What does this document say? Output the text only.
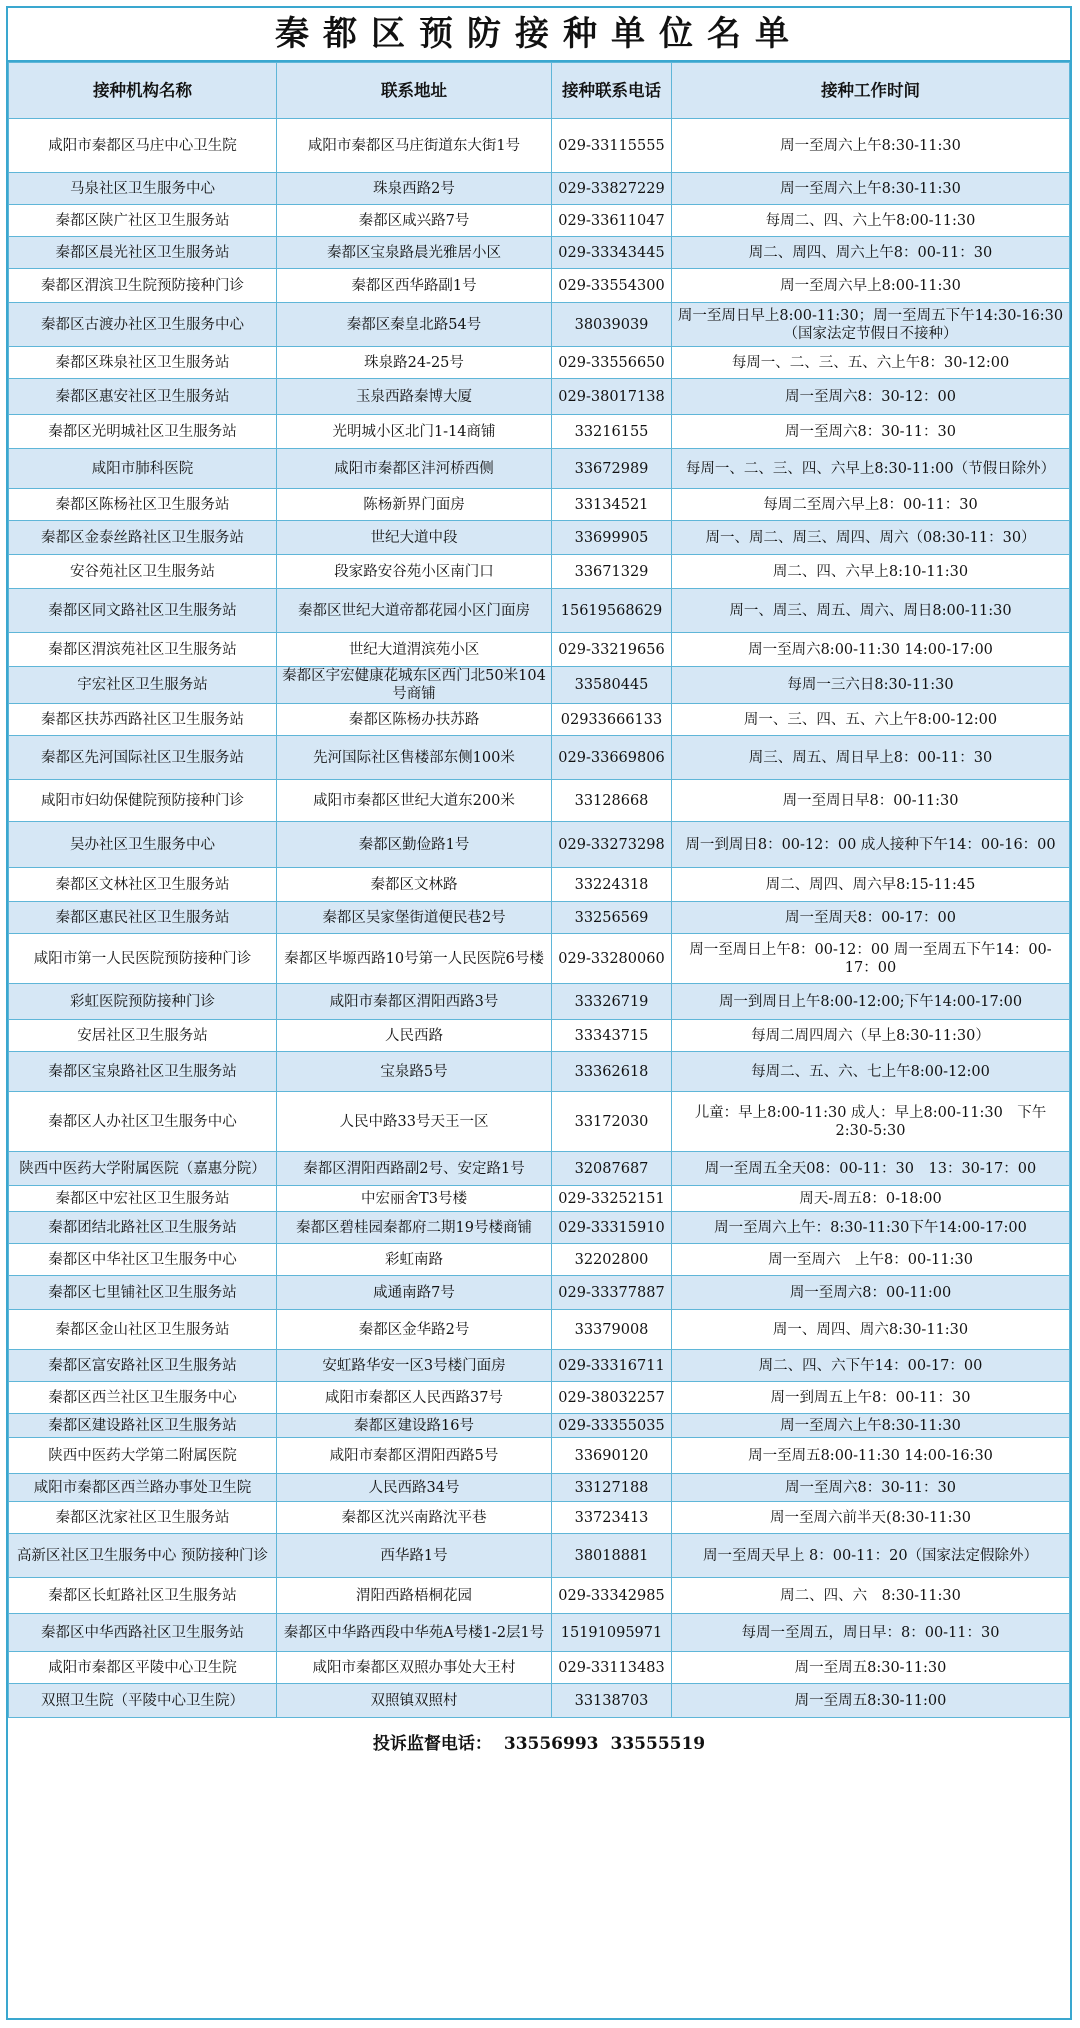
秦都区预防接种单位名单
接种机构名称	联系地址	接种联系电话	接种工作时间
咸阳市秦都区马庄中心卫生院	咸阳市秦都区马庄街道东大街1号	029-33115555	周一至周六上午8:30-11:30
马泉社区卫生服务中心	珠泉西路2号	029-33827229	周一至周六上午8:30-11:30
秦都区陕广社区卫生服务站	秦都区咸兴路7号	029-33611047	每周二、四、六上午8:00-11:30
秦都区晨光社区卫生服务站	秦都区宝泉路晨光雅居小区	029-33343445	周二、周四、周六上午8：00-11：30
秦都区渭滨卫生院预防接种门诊	秦都区西华路副1号	029-33554300	周一至周六早上8:00-11:30
秦都区古渡办社区卫生服务中心	秦都区秦皇北路54号	38039039	周一至周日早上8:00-11:30；周一至周五下午14:30-16:30（国家法定节假日不接种）
秦都区珠泉社区卫生服务站	珠泉路24-25号	029-33556650	每周一、二、三、五、六上午8：30-12:00
秦都区惠安社区卫生服务站	玉泉西路秦博大厦	029-38017138	周一至周六8：30-12：00
秦都区光明城社区卫生服务站	光明城小区北门1-14商铺	33216155	周一至周六8：30-11：30
咸阳市肺科医院	咸阳市秦都区沣河桥西侧	33672989	每周一、二、三、四、六早上8:30-11:00（节假日除外）
秦都区陈杨社区卫生服务站	陈杨新界门面房	33134521	每周二至周六早上8：00-11：30
秦都区金泰丝路社区卫生服务站	世纪大道中段	33699905	周一、周二、周三、周四、周六（08:30-11：30）
安谷苑社区卫生服务站	段家路安谷苑小区南门口	33671329	周二、四、六早上8:10-11:30
秦都区同文路社区卫生服务站	秦都区世纪大道帝都花园小区门面房	15619568629	周一、周三、周五、周六、周日8:00-11:30
秦都区渭滨苑社区卫生服务站	世纪大道渭滨苑小区	029-33219656	周一至周六8:00-11:30 14:00-17:00
宇宏社区卫生服务站	秦都区宇宏健康花城东区西门北50米104号商铺	33580445	每周一三六日8:30-11:30
秦都区扶苏西路社区卫生服务站	秦都区陈杨办扶苏路	02933666133	周一、三、四、五、六上午8:00-12:00
秦都区先河国际社区卫生服务站	先河国际社区售楼部东侧100米	029-33669806	周三、周五、周日早上8：00-11：30
咸阳市妇幼保健院预防接种门诊	咸阳市秦都区世纪大道东200米	33128668	周一至周日早8：00-11:30
吴办社区卫生服务中心	秦都区勤俭路1号	029-33273298	周一到周日8：00-12：00 成人接种下午14：00-16：00
秦都区文林社区卫生服务站	秦都区文林路	33224318	周二、周四、周六早8:15-11:45
秦都区惠民社区卫生服务站	秦都区吴家堡街道便民巷2号	33256569	周一至周天8：00-17：00
咸阳市第一人民医院预防接种门诊	秦都区毕塬西路10号第一人民医院6号楼	029-33280060	周一至周日上午8：00-12：00 周一至周五下午14：00-17：00
彩虹医院预防接种门诊	咸阳市秦都区渭阳西路3号	33326719	周一到周日上午8:00-12:00;下午14:00-17:00
安居社区卫生服务站	人民西路	33343715	每周二周四周六（早上8:30-11:30）
秦都区宝泉路社区卫生服务站	宝泉路5号	33362618	每周二、五、六、七上午8:00-12:00
秦都区人办社区卫生服务中心	人民中路33号天王一区	33172030	儿童：早上8:00-11:30 成人：早上8:00-11:30　下午2:30-5:30
陕西中医药大学附属医院（嘉惠分院）	秦都区渭阳西路副2号、安定路1号	32087687	周一至周五全天08：00-11：30　13：30-17：00
秦都区中宏社区卫生服务站	中宏丽舍T3号楼	029-33252151	周天-周五8：0-18:00
秦都团结北路社区卫生服务站	秦都区碧桂园秦都府二期19号楼商铺	029-33315910	周一至周六上午：8:30-11:30下午14:00-17:00
秦都区中华社区卫生服务中心	彩虹南路	32202800	周一至周六　上午8：00-11:30
秦都区七里铺社区卫生服务站	咸通南路7号	029-33377887	周一至周六8：00-11:00
秦都区金山社区卫生服务站	秦都区金华路2号	33379008	周一、周四、周六8:30-11:30
秦都区富安路社区卫生服务站	安虹路华安一区3号楼门面房	029-33316711	周二、四、六下午14：00-17：00
秦都区西兰社区卫生服务中心	咸阳市秦都区人民西路37号	029-38032257	周一到周五上午8：00-11：30
秦都区建设路社区卫生服务站	秦都区建设路16号	029-33355035	周一至周六上午8:30-11:30
陕西中医药大学第二附属医院	咸阳市秦都区渭阳西路5号	33690120	周一至周五8:00-11:30 14:00-16:30
咸阳市秦都区西兰路办事处卫生院	人民西路34号	33127188	周一至周六8：30-11：30
秦都区沈家社区卫生服务站	秦都区沈兴南路沈平巷	33723413	周一至周六前半天(8:30-11:30
高新区社区卫生服务中心 预防接种门诊	西华路1号	38018881	周一至周天早上 8：00-11：20（国家法定假除外）
秦都区长虹路社区卫生服务站	渭阳西路梧桐花园	029-33342985	周二、四、六　8:30-11:30
秦都区中华西路社区卫生服务站	秦都区中华路西段中华苑A号楼1-2层1号	15191095971	每周一至周五，周日早：8：00-11：30
咸阳市秦都区平陵中心卫生院	咸阳市秦都区双照办事处大王村	029-33113483	周一至周五8:30-11:30
双照卫生院（平陵中心卫生院）	双照镇双照村	33138703	周一至周五8:30-11:00
投诉监督电话： 33556993 33555519
